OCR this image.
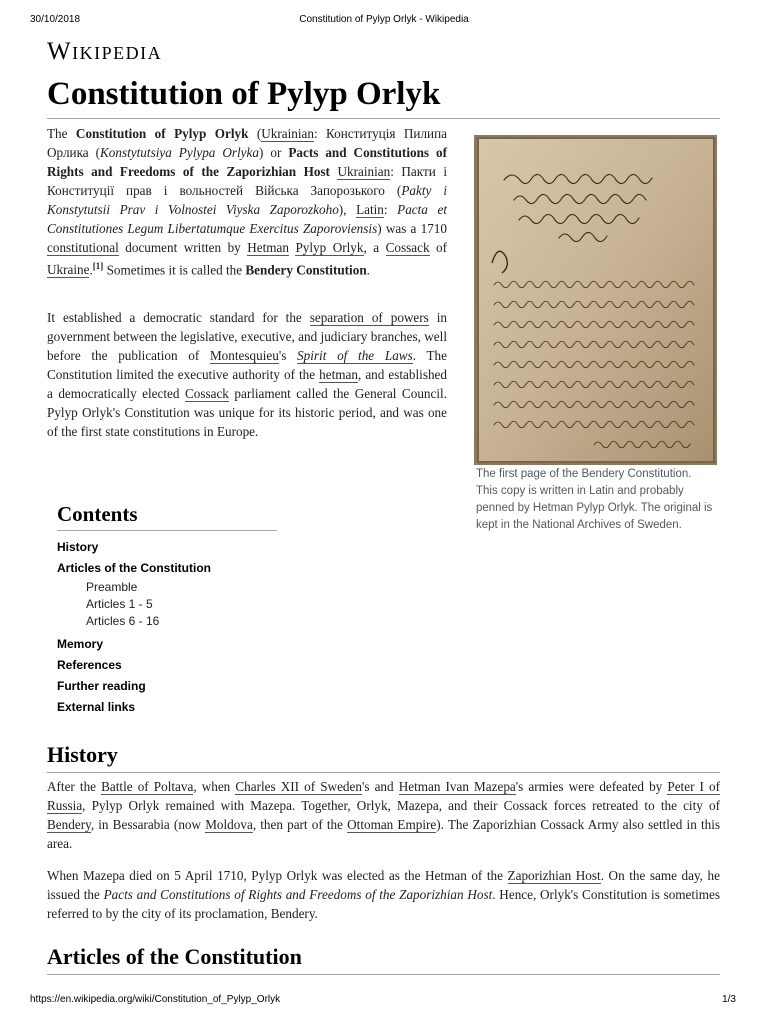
30/10/2018	Constitution of Pylyp Orlyk - Wikipedia
Wikipedia
Constitution of Pylyp Orlyk

The Constitution of Pylyp Orlyk (Ukrainian: Конституція Пилипа Орлика (Konstytutsiya Pylypa Orlyka) or Pacts and Constitutions of Rights and Freedoms of the Zaporizhian Host Ukrainian: Пакти і Конституції прав і вольностей Війська Запорозького (Pakty i Konstytutsii Prav i Volnostei Viyska Zaporozkoho), Latin: Pacta et Constitutiones Legum Libertatumque Exercitus Zaporoviensis) was a 1710 constitutional document written by Hetman Pylyp Orlyk, a Cossack of Ukraine.[1] Sometimes it is called the Bendery Constitution.

It established a democratic standard for the separation of powers in government between the legislative, executive, and judiciary branches, well before the publication of Montesquieu's Spirit of the Laws. The Constitution limited the executive authority of the hetman, and established a democratically elected Cossack parliament called the General Council. Pylyp Orlyk's Constitution was unique for its historic period, and was one of the first state constitutions in Europe.

The first page of the Bendery Constitution. This copy is written in Latin and probably penned by Hetman Pylyp Orlyk. The original is kept in the National Archives of Sweden.

Contents
History
Articles of the Constitution
Preamble
Articles 1 - 5
Articles 6 - 16
Memory
References
Further reading
External links
History

After the Battle of Poltava, when Charles XII of Sweden's and Hetman Ivan Mazepa's armies were defeated by Peter I of Russia, Pylyp Orlyk remained with Mazepa. Together, Orlyk, Mazepa, and their Cossack forces retreated to the city of Bendery, in Bessarabia (now Moldova, then part of the Ottoman Empire). The Zaporizhian Cossack Army also settled in this area.

When Mazepa died on 5 April 1710, Pylyp Orlyk was elected as the Hetman of the Zaporizhian Host. On the same day, he issued the Pacts and Constitutions of Rights and Freedoms of the Zaporizhian Host. Hence, Orlyk's Constitution is sometimes referred to by the city of its proclamation, Bendery.

Articles of the Constitution
https://en.wikipedia.org/wiki/Constitution_of_Pylyp_Orlyk	1/3
